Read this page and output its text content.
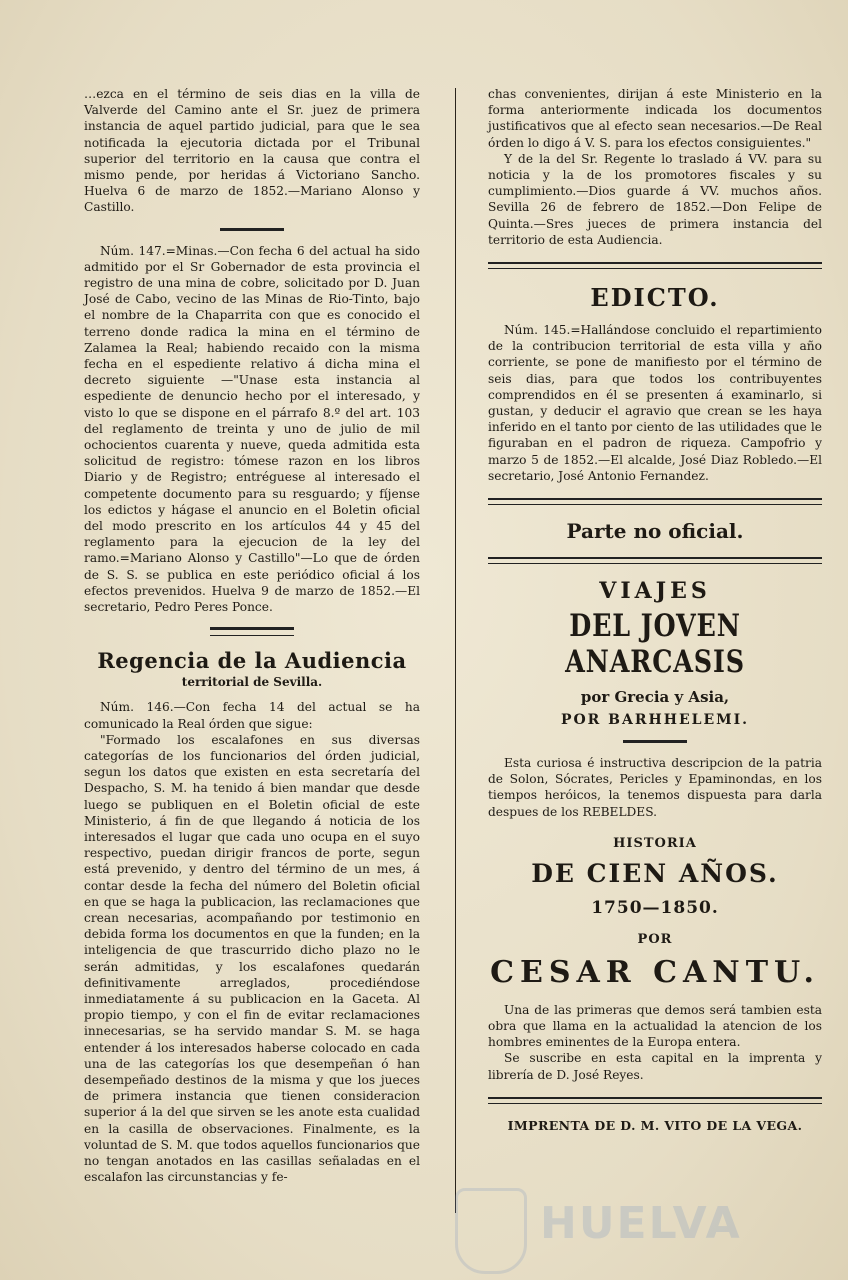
…ezca en el término de seis dias en la villa de Valverde del Camino ante el Sr. juez de primera instancia de aquel partido judicial, para que le sea notificada la ejecutoria dictada por el Tribunal superior del territorio en la causa que contra el mismo pende, por heridas á Victoriano Sancho. Huelva 6 de marzo de 1852.—Mariano Alonso y Castillo.

Núm. 147.=Minas.—Con fecha 6 del actual ha sido admitido por el Sr Gobernador de esta provincia el registro de una mina de cobre, solicitado por D. Juan José de Cabo, vecino de las Minas de Rio-Tinto, bajo el nombre de la Chaparrita con que es conocido el terreno donde radica la mina en el término de Zalamea la Real; habiendo recaido con la misma fecha en el espediente relativo á dicha mina el decreto siguiente —"Unase esta instancia al espediente de denuncio hecho por el interesado, y visto lo que se dispone en el párrafo 8.º del art. 103 del reglamento de treinta y uno de julio de mil ochocientos cuarenta y nueve, queda admitida esta solicitud de registro: tómese razon en los libros Diario y de Registro; entréguese al interesado el competente documento para su resguardo; y fíjense los edictos y hágase el anuncio en el Boletin oficial del modo prescrito en los artículos 44 y 45 del reglamento para la ejecucion de la ley del ramo.=Mariano Alonso y Castillo"—Lo que de órden de S. S. se publica en este periódico oficial á los efectos prevenidos. Huelva 9 de marzo de 1852.—El secretario, Pedro Peres Ponce.

Regencia de la Audiencia
territorial de Sevilla.

Núm. 146.—Con fecha 14 del actual se ha comunicado la Real órden que sigue:

"Formado los escalafones en sus diversas categorías de los funcionarios del órden judicial, segun los datos que existen en esta secretaría del Despacho, S. M. ha tenido á bien mandar que desde luego se publiquen en el Boletin oficial de este Ministerio, á fin de que llegando á noticia de los interesados el lugar que cada uno ocupa en el suyo respectivo, puedan dirigir francos de porte, segun está prevenido, y dentro del término de un mes, á contar desde la fecha del número del Boletin oficial en que se haga la publicacion, las reclamaciones que crean necesarias, acompañando por testimonio en debida forma los documentos en que la funden; en la inteligencia de que trascurrido dicho plazo no le serán admitidas, y los escalafones quedarán definitivamente arreglados, procediéndose inmediatamente á su publicacion en la Gaceta. Al propio tiempo, y con el fin de evitar reclamaciones innecesarias, se ha servido mandar S. M. se haga entender á los interesados haberse colocado en cada una de las categorías los que desempeñan ó han desempeñado destinos de la misma y que los jueces de primera instancia que tienen consideracion superior á la del que sirven se les anote esta cualidad en la casilla de observaciones. Finalmente, es la voluntad de S. M. que todos aquellos funcionarios que no tengan anotados en las casillas señaladas en el escalafon las circunstancias y fe-

chas convenientes, dirijan á este Ministerio en la forma anteriormente indicada los documentos justificativos que al efecto sean necesarios.—De Real órden lo digo á V. S. para los efectos consiguientes."

Y de la del Sr. Regente lo traslado á VV. para su noticia y la de los promotores fiscales y su cumplimiento.—Dios guarde á VV. muchos años. Sevilla 26 de febrero de 1852.—Don Felipe de Quinta.—Sres jueces de primera instancia del territorio de esta Audiencia.

EDICTO.

Núm. 145.=Hallándose concluido el repartimiento de la contribucion territorial de esta villa y año corriente, se pone de manifiesto por el término de seis dias, para que todos los contribuyentes comprendidos en él se presenten á examinarlo, si gustan, y deducir el agravio que crean se les haya inferido en el tanto por ciento de las utilidades que le figuraban en el padron de riqueza. Campofrio y marzo 5 de 1852.—El alcalde, José Diaz Robledo.—El secretario, José Antonio Fernandez.

Parte no oficial.
VIAJES
DEL JOVEN ANARCASIS
por Grecia y Asia,
POR BARHHELEMI.

Esta curiosa é instructiva descripcion de la patria de Solon, Sócrates, Pericles y Epaminondas, en los tiempos heróicos, la tenemos dispuesta para darla despues de los REBELDES.

HISTORIA
DE CIEN AÑOS.
1750—1850.
POR
CESAR CANTU.

Una de las primeras que demos será tambien esta obra que llama en la actualidad la atencion de los hombres eminentes de la Europa entera.

Se suscribe en esta capital en la imprenta y librería de D. José Reyes.

IMPRENTA DE D. M. VITO DE LA VEGA.
HUELVA
